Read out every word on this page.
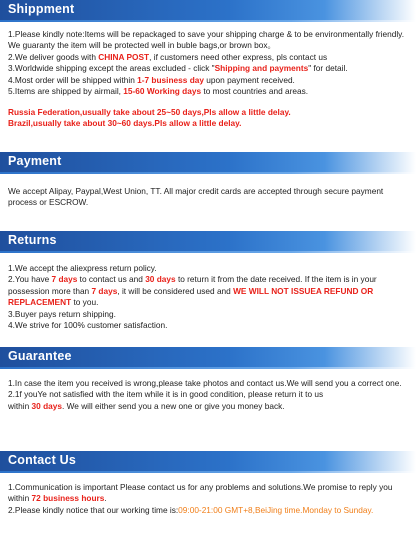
Shippment

1.Please kindly note:Items will be repackaged to save your shipping charge & to be environmentally friendly.

We guaranty the item will be protected well in buble bags,or brown box。

2.We deliver goods with CHINA POST, if customers need other express, pls contact us

3.Worldwide shipping except the areas excluded - click "Shipping and payments" for detail.

4.Most order will be shipped within 1-7 business day upon payment received.

5.Items are shipped by airmail, 15-60 Working days to most countries and areas.

Russia Federation,usually take about 25~50 days,Pls allow a little delay.

Brazil,usually take about 30~60 days.Pls allow a little delay.

Payment

We accept Alipay, Paypal,West Union, TT. All major credit cards are accepted through secure payment

process or ESCROW.

Returns

1.We accept the aliexpress return policy.

2.You have 7 days to contact us and 30 days to return it from the date received. If the item is in your

possession more than 7 days, it will be considered used and WE WILL NOT ISSUEA REFUND OR

REPLACEMENT to you.

3.Buyer pays return shipping.

4.We strive for 100% customer satisfaction.

Guarantee

1.In case the item you received is wrong,please take photos and contact us.We will send you a correct one.

2.1f youYe not satisfied with the item while it is in good condition, please return it to us

within 30 days. We will either send you a new one or give you money back.

Contact Us

1.Communication is important Please contact us for any problems and solutions.We promise to reply you

within 72 business hours.

2.Please kindly notice that our working time is:09:00-21:00 GMT+8,BeiJing time.Monday to Sunday.
